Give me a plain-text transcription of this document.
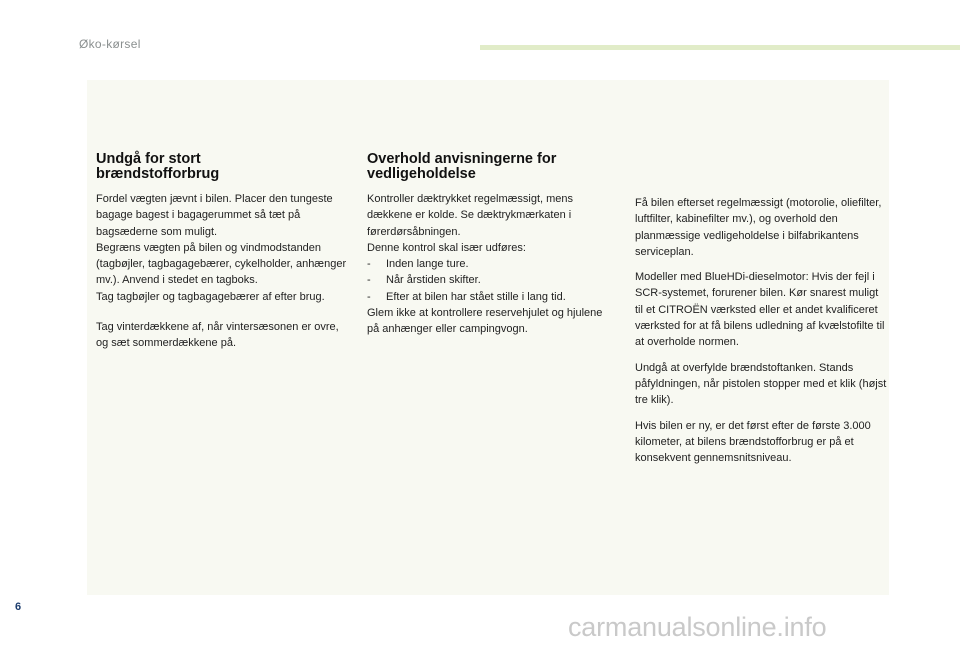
Øko-kørsel
Undgå for stort
brændstofforbrug

Fordel vægten jævnt i bilen. Placer den tungeste bagage bagest i bagagerummet så tæt på bagsæderne som muligt.

Begræns vægten på bilen og vindmodstanden (tagbøjler, tagbagagebærer, cykelholder, anhænger mv.). Anvend i stedet en tagboks.

Tag tagbøjler og tagbagagebærer af efter brug.

Tag vinterdækkene af, når vintersæsonen er ovre, og sæt sommerdækkene på.

Overhold anvisningerne for
vedligeholdelse

Kontroller dæktrykket regelmæssigt, mens dækkene er kolde. Se dæktrykmærkaten i førerdørsåbningen.

Denne kontrol skal især udføres:

-	Inden lange ture.

-	Når årstiden skifter.

-	Efter at bilen har stået stille i lang tid.

Glem ikke at kontrollere reservehjulet og hjulene på anhænger eller campingvogn.

Få bilen efterset regelmæssigt (motorolie, oliefilter, luftfilter, kabinefilter mv.), og overhold den planmæssige vedligeholdelse i bilfabrikantens serviceplan.

Modeller med BlueHDi-dieselmotor: Hvis der fejl i SCR-systemet, forurener bilen. Kør snarest muligt til et CITROËN værksted eller et andet kvalificeret værksted for at få bilens udledning af kvælstofilte til at overholde normen.

Undgå at overfylde brændstoftanken. Stands påfyldningen, når pistolen stopper med et klik (højst tre klik).

Hvis bilen er ny, er det først efter de første 3.000 kilometer, at bilens brændstofforbrug er på et konsekvent gennemsnitsniveau.

6
carmanualsonline.info
